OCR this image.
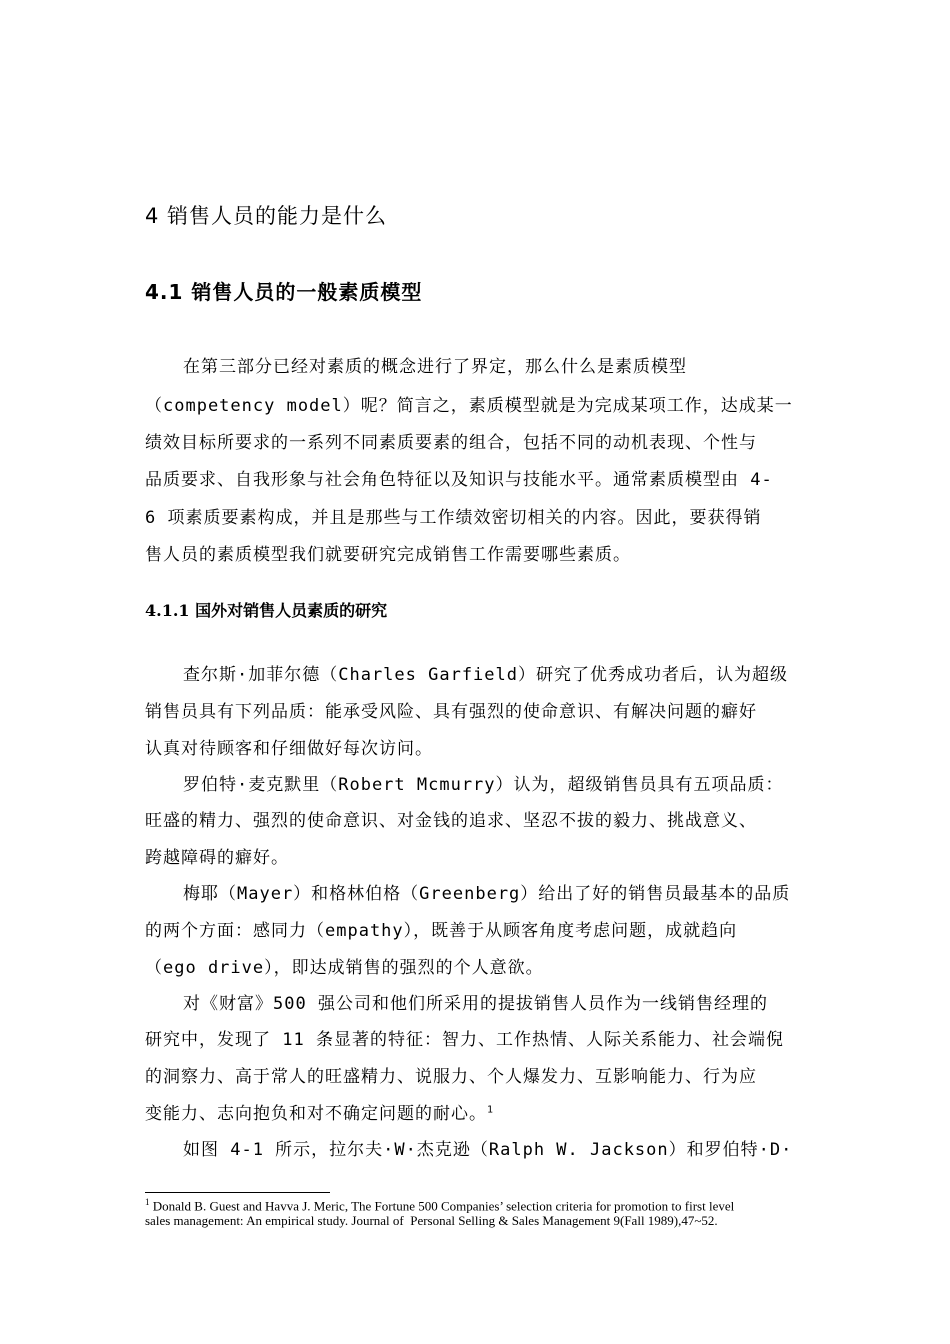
4 销售人员的能力是什么
4.1 销售人员的一般素质模型
在第三部分已经对素质的概念进行了界定，那么什么是素质模型
（competency model）呢？简言之，素质模型就是为完成某项工作，达成某一
绩效目标所要求的一系列不同素质要素的组合，包括不同的动机表现、个性与
品质要求、自我形象与社会角色特征以及知识与技能水平。通常素质模型由 4-
6 项素质要素构成，并且是那些与工作绩效密切相关的内容。因此，要获得销
售人员的素质模型我们就要研究完成销售工作需要哪些素质。
4.1.1 国外对销售人员素质的研究
查尔斯·加菲尔德（Charles Garfield）研究了优秀成功者后，认为超级
销售员具有下列品质：能承受风险、具有强烈的使命意识、有解决问题的癖好
认真对待顾客和仔细做好每次访问。
罗伯特·麦克默里（Robert Mcmurry）认为，超级销售员具有五项品质：
旺盛的精力、强烈的使命意识、对金钱的追求、坚忍不拔的毅力、挑战意义、
跨越障碍的癖好。
梅耶（Mayer）和格林伯格（Greenberg）给出了好的销售员最基本的品质
的两个方面：感同力（empathy），既善于从顾客角度考虑问题，成就趋向
（ego drive），即达成销售的强烈的个人意欲。
对《财富》500 强公司和他们所采用的提拔销售人员作为一线销售经理的
研究中，发现了 11 条显著的特征：智力、工作热情、人际关系能力、社会端倪
的洞察力、高于常人的旺盛精力、说服力、个人爆发力、互影响能力、行为应
变能力、志向抱负和对不确定问题的耐心。$^1$
如图 4-1 所示，拉尔夫·W·杰克逊（Ralph W. Jackson）和罗伯特·D·
$^1$ Donald B. Guest and Havva J. Meric, The Fortune 500 Companies’ selection criteria for promotion to first level
sales management: An empirical study. Journal of  Personal Selling & Sales Management 9(Fall 1989),47~52.
